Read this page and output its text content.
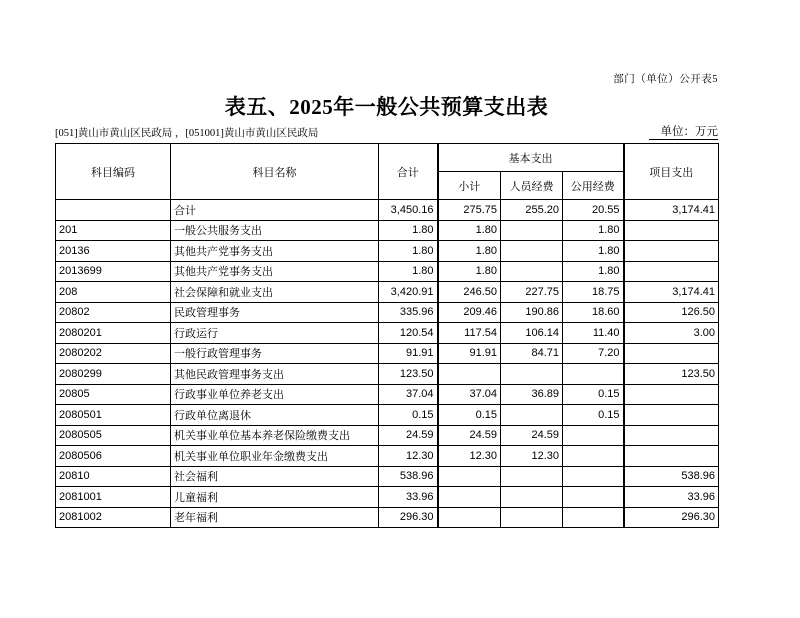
部门（单位）公开表5
表五、2025年一般公共预算支出表
[051]黄山市黄山区民政局 ，[051001]黄山市黄山区民政局	单位：万元
科目编码	科目名称	合计	基本支出			项目支出
			小计	人员经费	公用经费	
	合计	3,450.16	275.75	255.20	20.55	3,174.41
201	一般公共服务支出	1.80	1.80		1.80	
20136	其他共产党事务支出	1.80	1.80		1.80	
2013699	其他共产党事务支出	1.80	1.80		1.80	
208	社会保障和就业支出	3,420.91	246.50	227.75	18.75	3,174.41
20802	民政管理事务	335.96	209.46	190.86	18.60	126.50
2080201	行政运行	120.54	117.54	106.14	11.40	3.00
2080202	一般行政管理事务	91.91	91.91	84.71	7.20	
2080299	其他民政管理事务支出	123.50				123.50
20805	行政事业单位养老支出	37.04	37.04	36.89	0.15	
2080501	行政单位离退休	0.15	0.15		0.15	
2080505	机关事业单位基本养老保险缴费支出	24.59	24.59	24.59		
2080506	机关事业单位职业年金缴费支出	12.30	12.30	12.30		
20810	社会福利	538.96				538.96
2081001	儿童福利	33.96				33.96
2081002	老年福利	296.30				296.30
